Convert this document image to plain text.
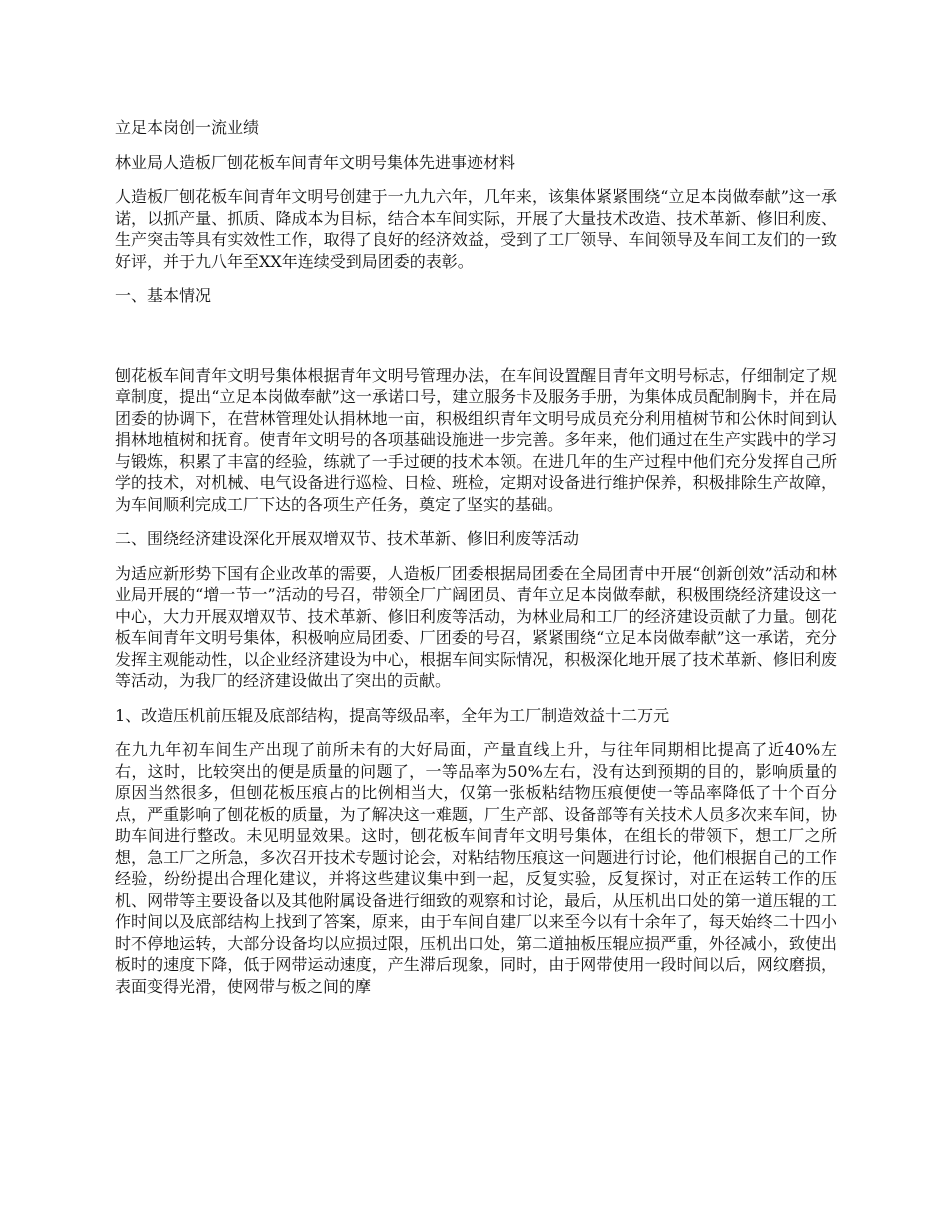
立足本岗创一流业绩

林业局人造板厂刨花板车间青年文明号集体先进事迹材料

人造板厂刨花板车间青年文明号创建于一九九六年，几年来，该集体紧紧围绕“立足本岗做奉献”这一承诺，以抓产量、抓质、降成本为目标，结合本车间实际，开展了大量技术改造、技术革新、修旧利废、生产突击等具有实效性工作，取得了良好的经济效益，受到了工厂领导、车间领导及车间工友们的一致好评，并于九八年至XX年连续受到局团委的表彰。

一、基本情况

刨花板车间青年文明号集体根据青年文明号管理办法，在车间设置醒目青年文明号标志，仔细制定了规章制度，提出“立足本岗做奉献”这一承诺口号，建立服务卡及服务手册，为集体成员配制胸卡，并在局团委的协调下，在营林管理处认捐林地一亩，积极组织青年文明号成员充分利用植树节和公休时间到认捐林地植树和抚育。使青年文明号的各项基础设施进一步完善。多年来，他们通过在生产实践中的学习与锻炼，积累了丰富的经验，练就了一手过硬的技术本领。在进几年的生产过程中他们充分发挥自己所学的技术，对机械、电气设备进行巡检、日检、班检，定期对设备进行维护保养，积极排除生产故障，为车间顺利完成工厂下达的各项生产任务，奠定了坚实的基础。

二、围绕经济建设深化开展双增双节、技术革新、修旧利废等活动

为适应新形势下国有企业改革的需要，人造板厂团委根据局团委在全局团青中开展“创新创效”活动和林业局开展的“增一节一”活动的号召，带领全厂广阔团员、青年立足本岗做奉献，积极围绕经济建设这一中心，大力开展双增双节、技术革新、修旧利废等活动，为林业局和工厂的经济建设贡献了力量。刨花板车间青年文明号集体，积极响应局团委、厂团委的号召，紧紧围绕“立足本岗做奉献”这一承诺，充分发挥主观能动性，以企业经济建设为中心，根据车间实际情况，积极深化地开展了技术革新、修旧利废等活动，为我厂的经济建设做出了突出的贡献。

1、改造压机前压辊及底部结构，提高等级品率，全年为工厂制造效益十二万元

在九九年初车间生产出现了前所未有的大好局面，产量直线上升，与往年同期相比提高了近40%左右，这时，比较突出的便是质量的问题了，一等品率为50%左右，没有达到预期的目的，影响质量的原因当然很多，但刨花板压痕占的比例相当大，仅第一张板粘结物压痕便使一等品率降低了十个百分点，严重影响了刨花板的质量，为了解决这一难题，厂生产部、设备部等有关技术人员多次来车间，协助车间进行整改。未见明显效果。这时，刨花板车间青年文明号集体，在组长的带领下，想工厂之所想，急工厂之所急，多次召开技术专题讨论会，对粘结物压痕这一问题进行讨论，他们根据自己的工作经验，纷纷提出合理化建议，并将这些建议集中到一起，反复实验，反复探讨，对正在运转工作的压机、网带等主要设备以及其他附属设备进行细致的观察和讨论，最后，从压机出口处的第一道压辊的工作时间以及底部结构上找到了答案，原来，由于车间自建厂以来至今以有十余年了，每天始终二十四小时不停地运转，大部分设备均以应损过限，压机出口处，第二道抽板压辊应损严重，外径减小，致使出板时的速度下降，低于网带运动速度，产生滞后现象，同时，由于网带使用一段时间以后，网纹磨损，表面变得光滑，使网带与板之间的摩
